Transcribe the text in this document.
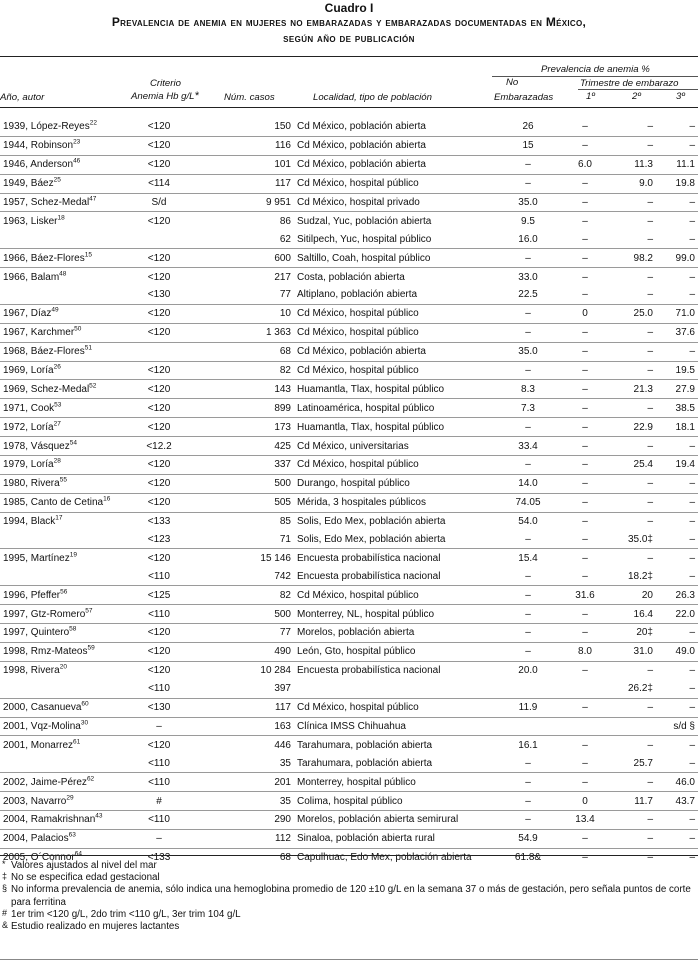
Cuadro I
Prevalencia de anemia en mujeres no embarazadas y embarazadas documentadas en México,
según año de publicación
Prevalencia de anemia %
Criterio	No	Trimestre de embarazo
Año, autor	Anemia Hb g/L*	Núm. casos	Localidad, tipo de población	Embarazadas	1º	2º	3º
1939, López-Reyes$^{22}$	<120	150	Cd México, población abierta	26	–	–	–
1944, Robinson$^{23}$	<120	116	Cd México, población abierta	15	–	–	–
1946, Anderson$^{46}$	<120	101	Cd México, población abierta	–	6.0	11.3	11.1
1949, Báez$^{25}$	<114	117	Cd México, hospital público	–	–	9.0	19.8
1957, Schez-Medal$^{47}$	S/d	9 951	Cd México, hospital privado	35.0	–	–	–
1963, Lisker$^{18}$	<120	86	Sudzal, Yuc, población abierta	9.5	–	–	–
		62	Sitilpech, Yuc, hospital público	16.0	–	–	–
1966, Báez-Flores$^{15}$	<120	600	Saltillo, Coah, hospital público	–	–	98.2	99.0
1966, Balam$^{48}$	<120	217	Costa, población abierta	33.0	–	–	–
	<130	77	Altiplano, población abierta	22.5	–	–	–
1967, Díaz$^{49}$	<120	10	Cd México, hospital público	–	0	25.0	71.0
1967, Karchmer$^{50}$	<120	1 363	Cd México, hospital público	–	–	–	37.6
1968, Báez-Flores$^{51}$		68	Cd México, población abierta	35.0	–	–	–
1969, Loría$^{26}$	<120	82	Cd México, hospital público	–	–	–	19.5
1969, Schez-Medal$^{52}$	<120	143	Huamantla, Tlax, hospital público	8.3	–	21.3	27.9
1971, Cook$^{53}$	<120	899	Latinoamérica, hospital público	7.3	–	–	38.5
1972, Loría$^{27}$	<120	173	Huamantla, Tlax, hospital público	–	–	22.9	18.1
1978, Vásquez$^{54}$	<12.2	425	Cd México, universitarias	33.4	–	–	–
1979, Loría$^{28}$	<120	337	Cd México, hospital público	–	–	25.4	19.4
1980, Rivera$^{55}$	<120	500	Durango, hospital público	14.0	–	–	–
1985, Canto de Cetina$^{16}$	<120	505	Mérida, 3 hospitales públicos	74.05	–	–	–
1994, Black$^{17}$	<133	85	Solis, Edo Mex, población abierta	54.0	–	–	–
	<123	71	Solis, Edo Mex, población abierta	–	–	35.0‡	–
1995, Martínez$^{19}$	<120	15 146	Encuesta probabilística nacional	15.4	–	–	–
	<110	742	Encuesta probabilística nacional	–	–	18.2‡	–
1996, Pfeffer$^{56}$	<125	82	Cd México, hospital público	–	31.6	20	26.3
1997, Gtz-Romero$^{57}$	<110	500	Monterrey, NL, hospital público	–	–	16.4	22.0
1997, Quintero$^{58}$	<120	77	Morelos, población abierta	–	–	20‡	–
1998, Rmz-Mateos$^{59}$	<120	490	León, Gto, hospital público	–	8.0	31.0	49.0
1998, Rivera$^{20}$	<120	10 284	Encuesta probabilística nacional	20.0	–	–	–
	<110	397				26.2‡	–
2000, Casanueva$^{60}$	<130	117	Cd México, hospital público	11.9	–	–	–
2001, Vqz-Molina$^{30}$	–	163	Clínica IMSS Chihuahua				s/d §
2001, Monarrez$^{61}$	<120	446	Tarahumara, población abierta	16.1	–	–	–
	<110	35	Tarahumara, población abierta	–	–	25.7	–
2002, Jaime-Pérez$^{62}$	<110	201	Monterrey, hospital público	–	–	–	46.0
2003, Navarro$^{29}$	#	35	Colima, hospital público	–	0	11.7	43.7
2004, Ramakrishnan$^{43}$	<110	290	Morelos, población abierta semirural	–	13.4	–	–
2004, Palacios$^{63}$	–	112	Sinaloa, población abierta rural	54.9	–	–	–
2005, O´Connor$^{64}$	<133	68	Capulhuac, Edo Mex, población abierta	61.8&	–	–	–
* Valores ajustados al nivel del mar
‡ No se especifica edad gestacional
§ No informa prevalencia de anemia, sólo indica una hemoglobina promedio de 120 ±10 g/L en la semana 37 o más de gestación, pero señala puntos de corte para ferritina
# 1er trim <120 g/L, 2do trim <110 g/L, 3er trim 104 g/L
& Estudio realizado en mujeres lactantes
